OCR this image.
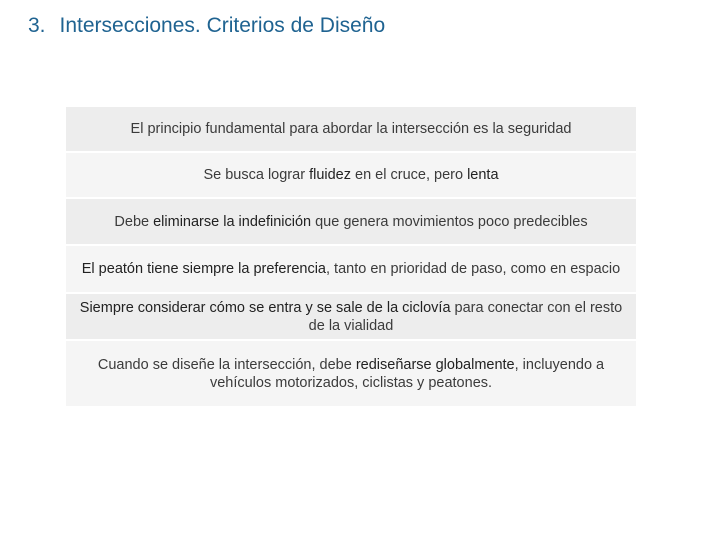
3. Intersecciones. Criterios de Diseño
El principio fundamental para abordar la intersección es la seguridad
Se busca lograr fluidez en el cruce, pero lenta
Debe eliminarse la indefinición que genera movimientos poco predecibles
El peatón tiene siempre la preferencia, tanto en prioridad de paso, como en espacio
Siempre considerar cómo se entra y se sale de la ciclovía para conectar con el resto de la vialidad
Cuando se diseñe la intersección, debe rediseñarse globalmente, incluyendo a vehículos motorizados, ciclistas y peatones.
